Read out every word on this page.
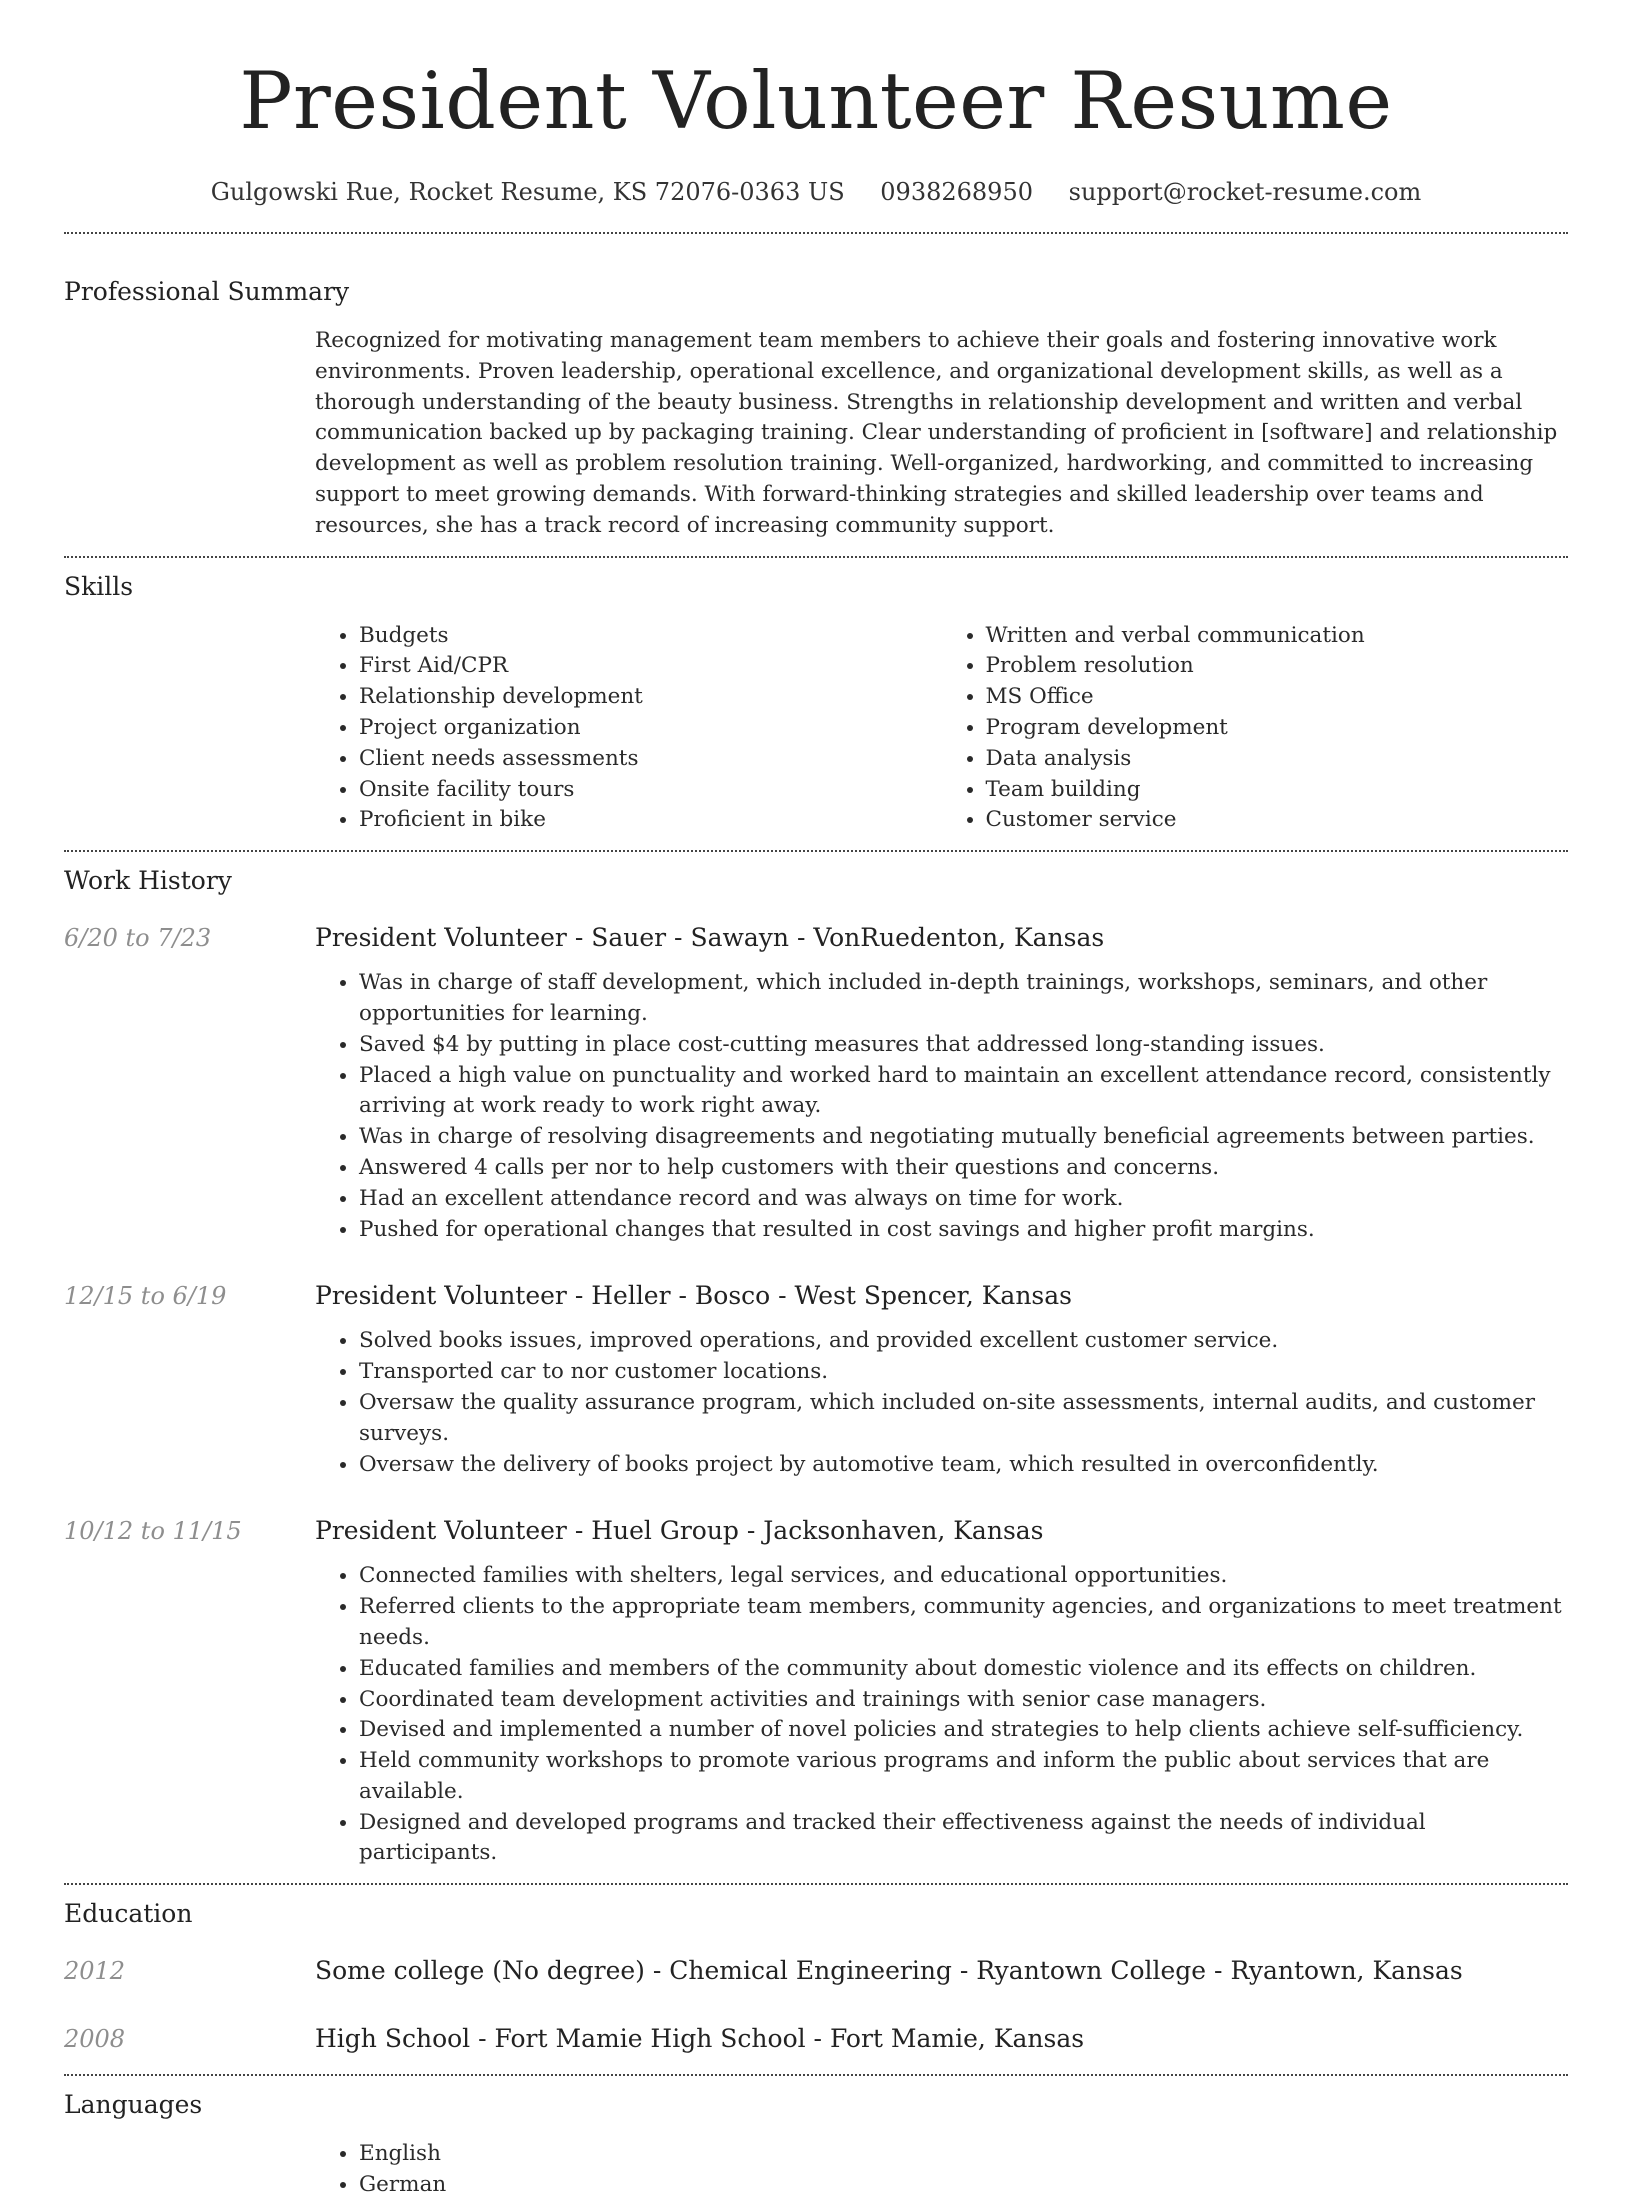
President Volunteer Resume
Gulgowski Rue, Rocket Resume, KS 72076-0363 US 0938268950 support@rocket-resume.com
Professional Summary
Recognized for motivating management team members to achieve their goals and fostering innovative work environments. Proven leadership, operational excellence, and organizational development skills, as well as a thorough understanding of the beauty business. Strengths in relationship development and written and verbal communication backed up by packaging training. Clear understanding of proficient in [software] and relationship development as well as problem resolution training. Well-organized, hardworking, and committed to increasing support to meet growing demands. With forward-thinking strategies and skilled leadership over teams and resources, she has a track record of increasing community support.
Skills
• Budgets
• First Aid/CPR
• Relationship development
• Project organization
• Client needs assessments
• Onsite facility tours
• Proficient in bike
• Written and verbal communication
• Problem resolution
• MS Office
• Program development
• Data analysis
• Team building
• Customer service
Work History
6/20 to 7/23	President Volunteer - Sauer - Sawayn - VonRuedenton, Kansas
• Was in charge of staff development, which included in-depth trainings, workshops, seminars, and other opportunities for learning.
• Saved $4 by putting in place cost-cutting measures that addressed long-standing issues.
• Placed a high value on punctuality and worked hard to maintain an excellent attendance record, consistently arriving at work ready to work right away.
• Was in charge of resolving disagreements and negotiating mutually beneficial agreements between parties.
• Answered 4 calls per nor to help customers with their questions and concerns.
• Had an excellent attendance record and was always on time for work.
• Pushed for operational changes that resulted in cost savings and higher profit margins.
12/15 to 6/19	President Volunteer - Heller - Bosco - West Spencer, Kansas
• Solved books issues, improved operations, and provided excellent customer service.
• Transported car to nor customer locations.
• Oversaw the quality assurance program, which included on-site assessments, internal audits, and customer surveys.
• Oversaw the delivery of books project by automotive team, which resulted in overconfidently.
10/12 to 11/15	President Volunteer - Huel Group - Jacksonhaven, Kansas
• Connected families with shelters, legal services, and educational opportunities.
• Referred clients to the appropriate team members, community agencies, and organizations to meet treatment needs.
• Educated families and members of the community about domestic violence and its effects on children.
• Coordinated team development activities and trainings with senior case managers.
• Devised and implemented a number of novel policies and strategies to help clients achieve self-sufficiency.
• Held community workshops to promote various programs and inform the public about services that are available.
• Designed and developed programs and tracked their effectiveness against the needs of individual participants.
Education
2012	Some college (No degree) - Chemical Engineering - Ryantown College - Ryantown, Kansas
2008	High School - Fort Mamie High School - Fort Mamie, Kansas
Languages
• English
• German
